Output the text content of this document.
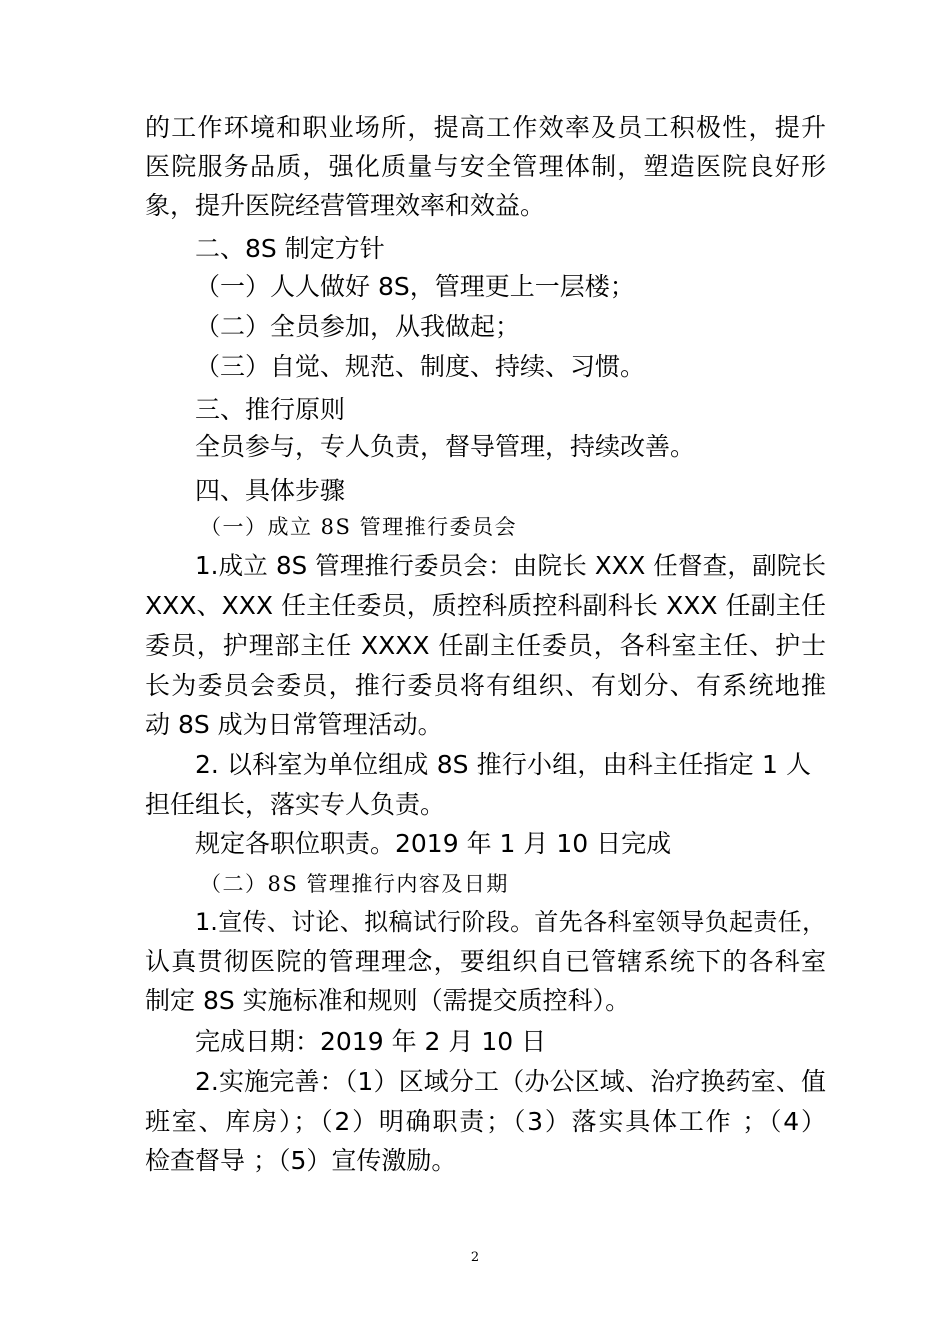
的工作环境和职业场所，提高工作效率及员工积极性，提升

医院服务品质，强化质量与安全管理体制，塑造医院良好形

象，提升医院经营管理效率和效益。

二、8S 制定方针

（一）人人做好 8S，管理更上一层楼；

（二）全员参加，从我做起；

（三）自觉、规范、制度、持续、习惯。

三、推行原则

全员参与，专人负责，督导管理，持续改善。

四、具体步骤

（一）成立 8S 管理推行委员会

1.成立 8S 管理推行委员会：由院长 XXX 任督查，副院长

XXX、XXX 任主任委员，质控科质控科副科长 XXX 任副主任

委员，护理部主任 XXXX 任副主任委员，各科室主任、护士

长为委员会委员，推行委员将有组织、有划分、有系统地推

动 8S 成为日常管理活动。

2. 以科室为单位组成 8S 推行小组，由科主任指定 1 人

担任组长，落实专人负责。

规定各职位职责。2019 年 1 月 10 日完成

（二）8S 管理推行内容及日期

1.宣传、讨论、拟稿试行阶段。首先各科室领导负起责任，

认真贯彻医院的管理理念，要组织自已管辖系统下的各科室

制定 8S 实施标准和规则（需提交质控科）。

完成日期：2019 年 2 月 10 日

2.实施完善：（1）区域分工（办公区域、治疗换药室、值

班室、库房）；（2）明确职责；（3）落实具体工作 ；（4）

检查督导 ；（5）宣传激励。

2
